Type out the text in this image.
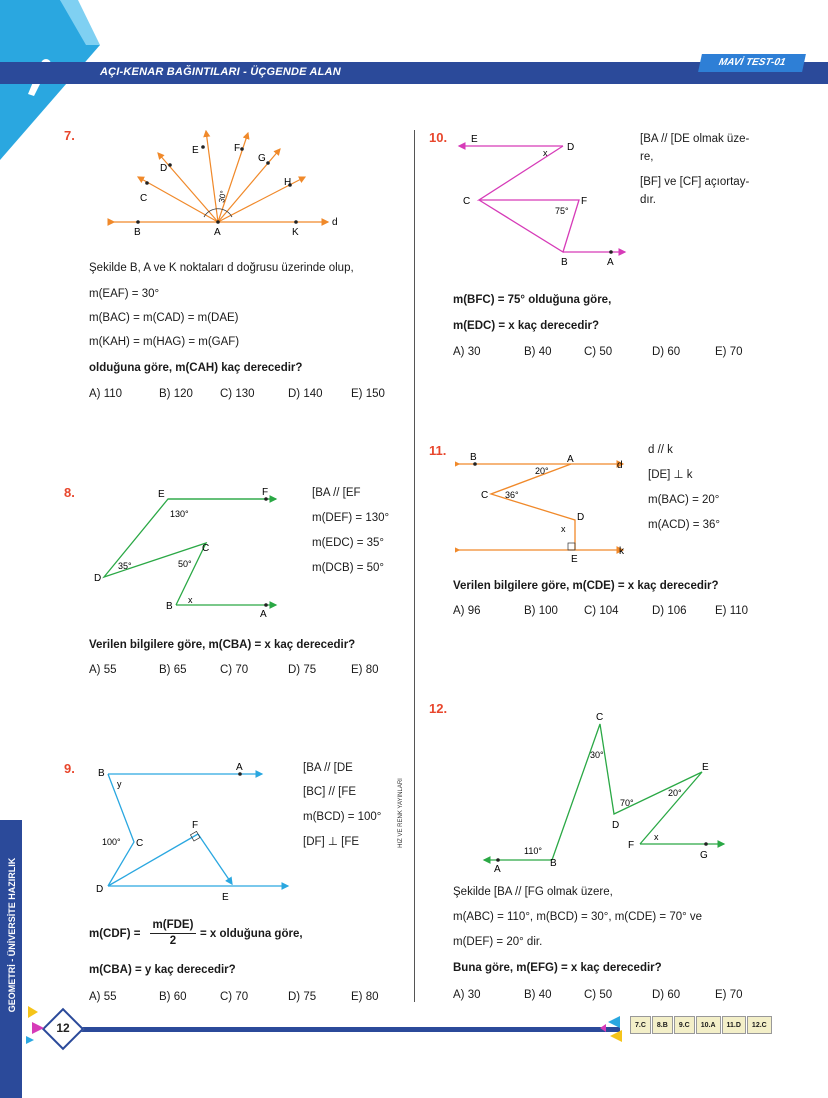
AÇI-KENAR BAĞINTILARI - ÜÇGENDE ALAN
MAVİ TEST-01
GEOMETRİ - ÜNİVERSİTE HAZIRLIK
HIZ VE RENK YAYINLARI
7.
B	A	K
d
C
D
E	F
G
H
30°
Şekilde B, A ve K noktaları d doğrusu üzerinde olup,
m(EAF) = 30°
m(BAC) = m(CAD) = m(DAE)
m(KAH) = m(HAG) = m(GAF)
olduğuna göre, m(CAH) kaç derecedir?
A) 110	B) 120 C) 130	D) 140 E) 150
8.	E	F
C
D
B
A
130°
35°	50°
x
[BA // [EF
m(DEF) = 130°
m(EDC) = 35°
m(DCB) = 50°
Verilen bilgilere göre, m(CBA) = x kaç derecedir?
A) 55	B) 65	C) 70	D) 75	E) 80
9. B
A
y
100° C
F
D
E
[BA // [DE
[BC] // [FE
m(BCD) = 100°
[DF] ⊥ [FE
m(CDF) =
m(FDE)
2
= x olduğuna göre,
m(CBA) = y kaç derecedir?
A) 55	B) 60	C) 70	D) 75	E) 80
10. E
D
x
C	F
75°
B	A
[BA // [DE olmak üze-
re,
[BF] ve [CF] açıortay-
dır.
m(BFC) = 75° olduğuna göre,
m(EDC) = x kaç derecedir?
A) 30	B) 40	C) 50	D) 60	E) 70
11. B	A
d
20°
C 36°
D
x
E
k
d // k
[DE] ⊥ k
m(BAC) = 20°
m(ACD) = 36°
Verilen bilgilere göre, m(CDE) = x kaç derecedir?
A) 96	B) 100 C) 104	D) 106 E) 110
12.
C
30°
E
20°
70°
D
F
x
G
110°
B
A
Şekilde [BA // [FG olmak üzere,
m(ABC) = 110°, m(BCD) = 30°, m(CDE) = 70° ve
m(DEF) = 20° dir.
Buna göre, m(EFG) = x kaç derecedir?
A) 30	B) 40	C) 50	D) 60	E) 70
12	7.C	8.B	9.C	10.A	11.D	12.C
